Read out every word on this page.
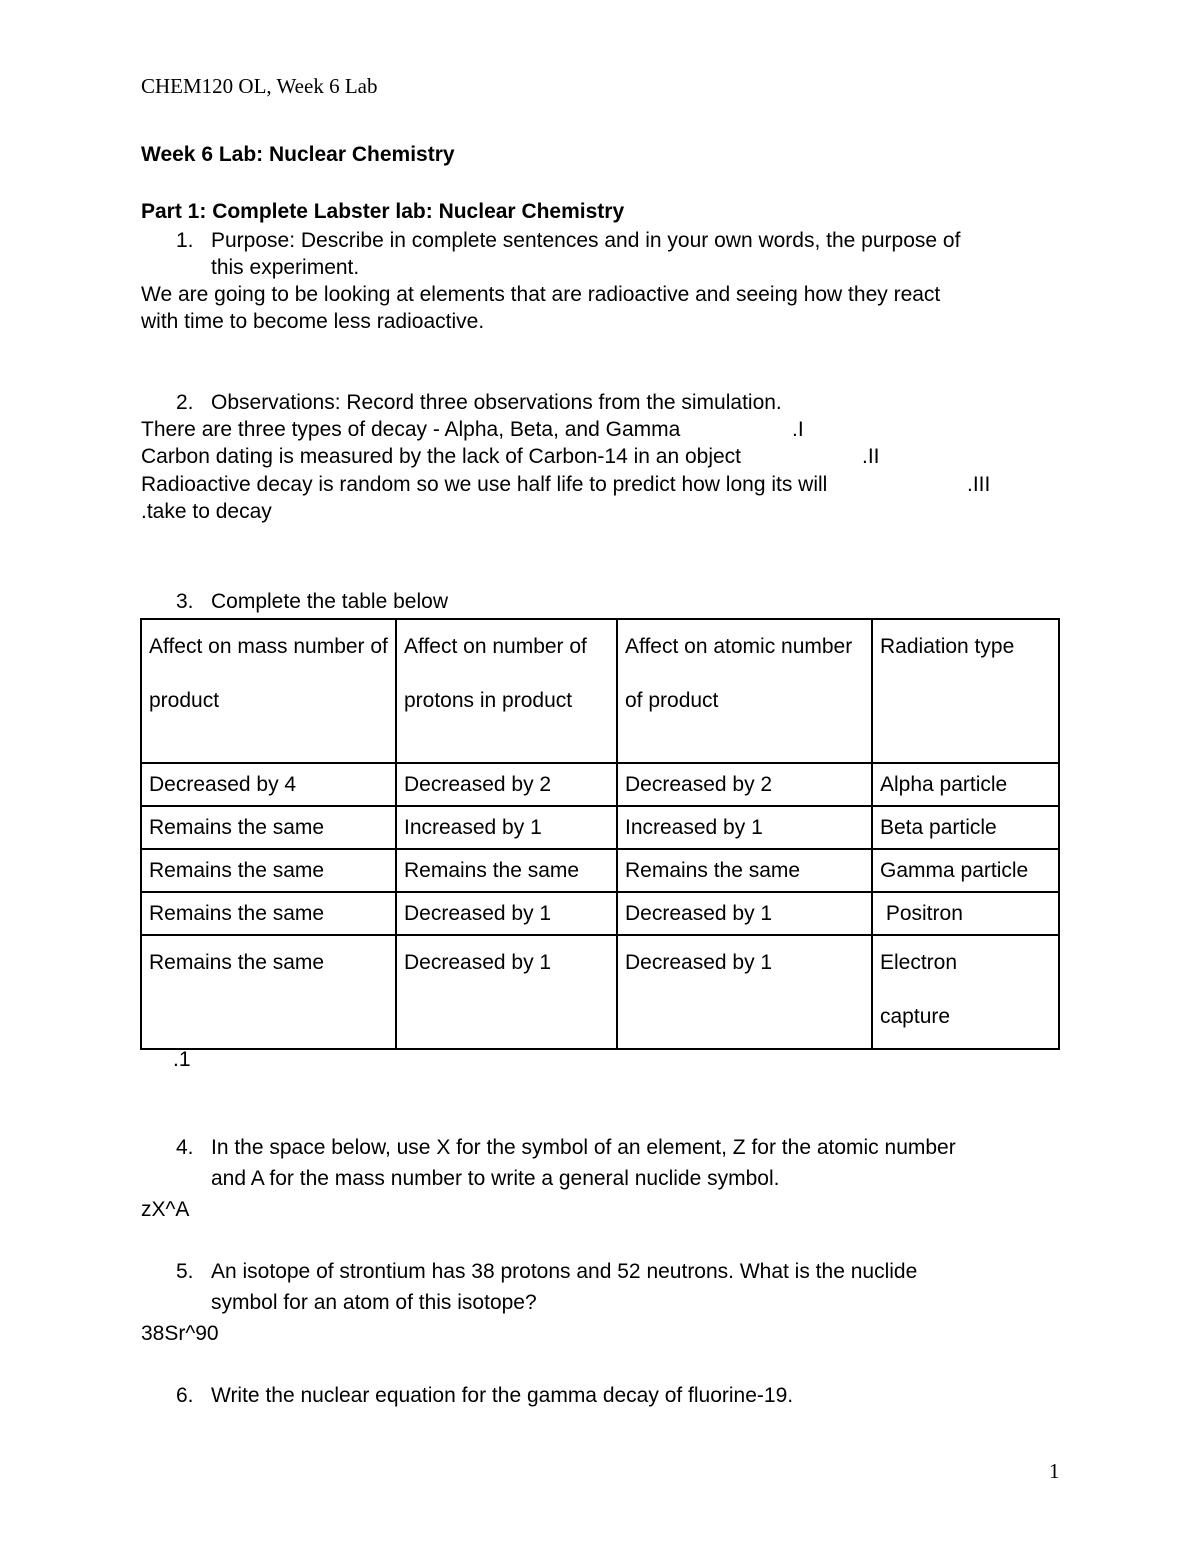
CHEM120 OL, Week 6 Lab
Week 6 Lab: Nuclear Chemistry
Part 1: Complete Labster lab: Nuclear Chemistry
1. Purpose: Describe in complete sentences and in your own words, the purpose of
this experiment.
We are going to be looking at elements that are radioactive and seeing how they react
with time to become less radioactive.
2. Observations: Record three observations from the simulation.
There are three types of decay - Alpha, Beta, and Gamma	.I
Carbon dating is measured by the lack of Carbon-14 in an object	.II
Radioactive decay is random so we use half life to predict how long its will	.III
.take to decay
3. Complete the table below
Affect on mass number of product	Affect on number of protons in product	Affect on atomic number of product	Radiation type

Decreased by 4	Decreased by 2	Decreased by 2	Alpha particle
Remains the same	Increased by 1	Increased by 1	Beta particle
Remains the same	Remains the same	Remains the same	Gamma particle
Remains the same	Decreased by 1	Decreased by 1	Positron

Remains the same	Decreased by 1	Decreased by 1	Electron capture
.1
4. In the space below, use X for the symbol of an element, Z for the atomic number
and A for the mass number to write a general nuclide symbol.
zX^A
5. An isotope of strontium has 38 protons and 52 neutrons. What is the nuclide
symbol for an atom of this isotope?
38Sr^90
6. Write the nuclear equation for the gamma decay of fluorine-19.
1
